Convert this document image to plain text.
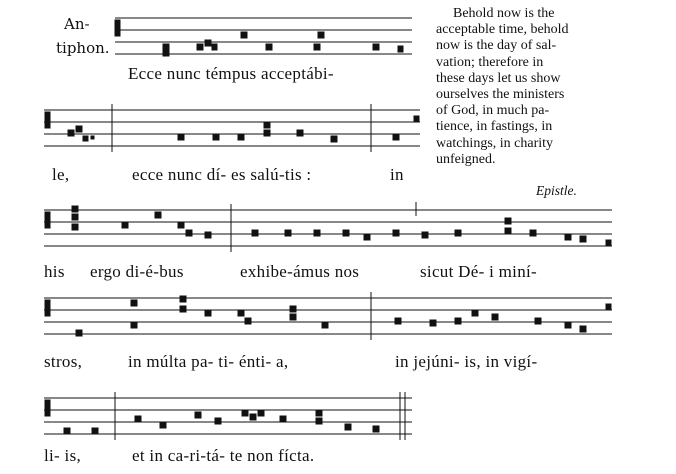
An-
tiphon.
Behold now is the
acceptable time, behold
now is the day of sal-
vation; therefore in
these days let us show
ourselves the ministers
of God, in much pa-
tience, in fastings, in
watchings, in charity
unfeigned.
Epistle.
Ecce nunc témpus acceptábi-
le,	ecce nunc dí- es salú-tis :	in
his ergo di-é-bus	exhibe-ámus nos	sicut Dé- i miní-
stros,	in múlta pa- ti- énti- a,	in jejúni- is, in vigí-
li- is,	et in ca-ri-tá- te non fícta.
